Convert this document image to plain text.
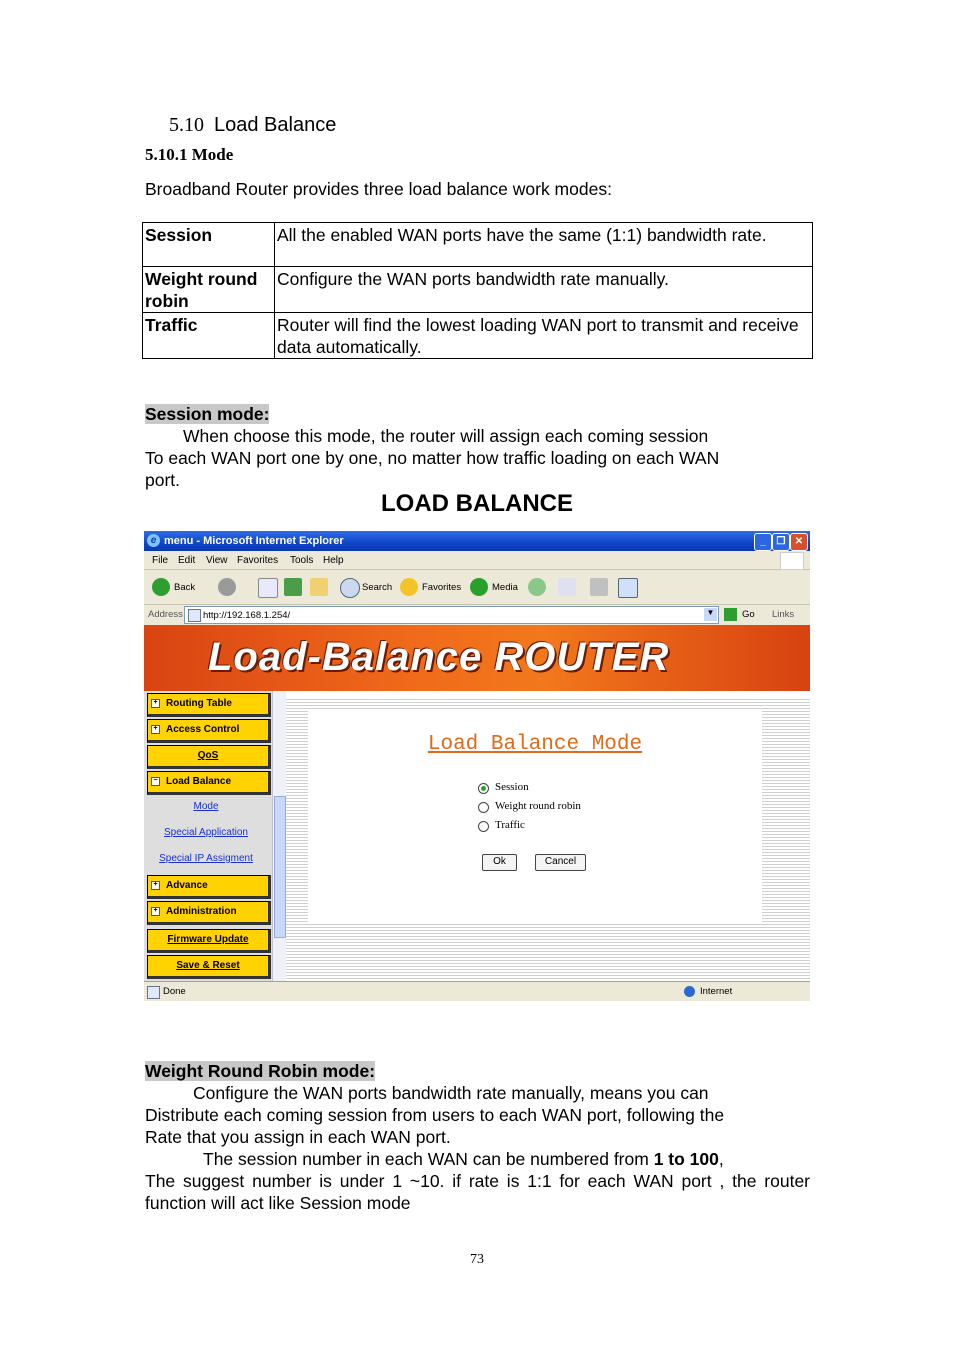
5.10 Load Balance
5.10.1 Mode
Broadband Router provides three load balance work modes:
Session	All the enabled WAN ports have the same (1:1) bandwidth rate.
Weight round robin	Configure the WAN ports bandwidth rate manually.
Traffic	Router will find the lowest loading WAN port to transmit and receive data automatically.
Session mode:
When choose this mode, the router will assign each coming session
To each WAN port one by one, no matter how traffic loading on each WAN
port.
LOAD BALANCE
e menu - Microsoft Internet Explorer	_	❐ ✕
File Edit View Favorites Tools Help
Back	Search	Favorites	Media
Address http://192.168.1.254/	▼	Go Links
Load-Balance ROUTER
+ Routing Table
+ Access Control
QoS
− Load Balance
Mode
Special Application
Special IP Assigment
+ Advance
+ Administration
Firmware Update
Save & Reset
Load Balance Mode
Session
Weight round robin
Traffic
Ok	Cancel
Done	Internet
Weight Round Robin mode:
Configure the WAN ports bandwidth rate manually, means you can
Distribute each coming session from users to each WAN port, following the
Rate that you assign in each WAN port.
The session number in each WAN can be numbered from 1 to 100,
The suggest number is under 1 ~10. if rate is 1:1 for each WAN port , the router function will act like Session mode
73
